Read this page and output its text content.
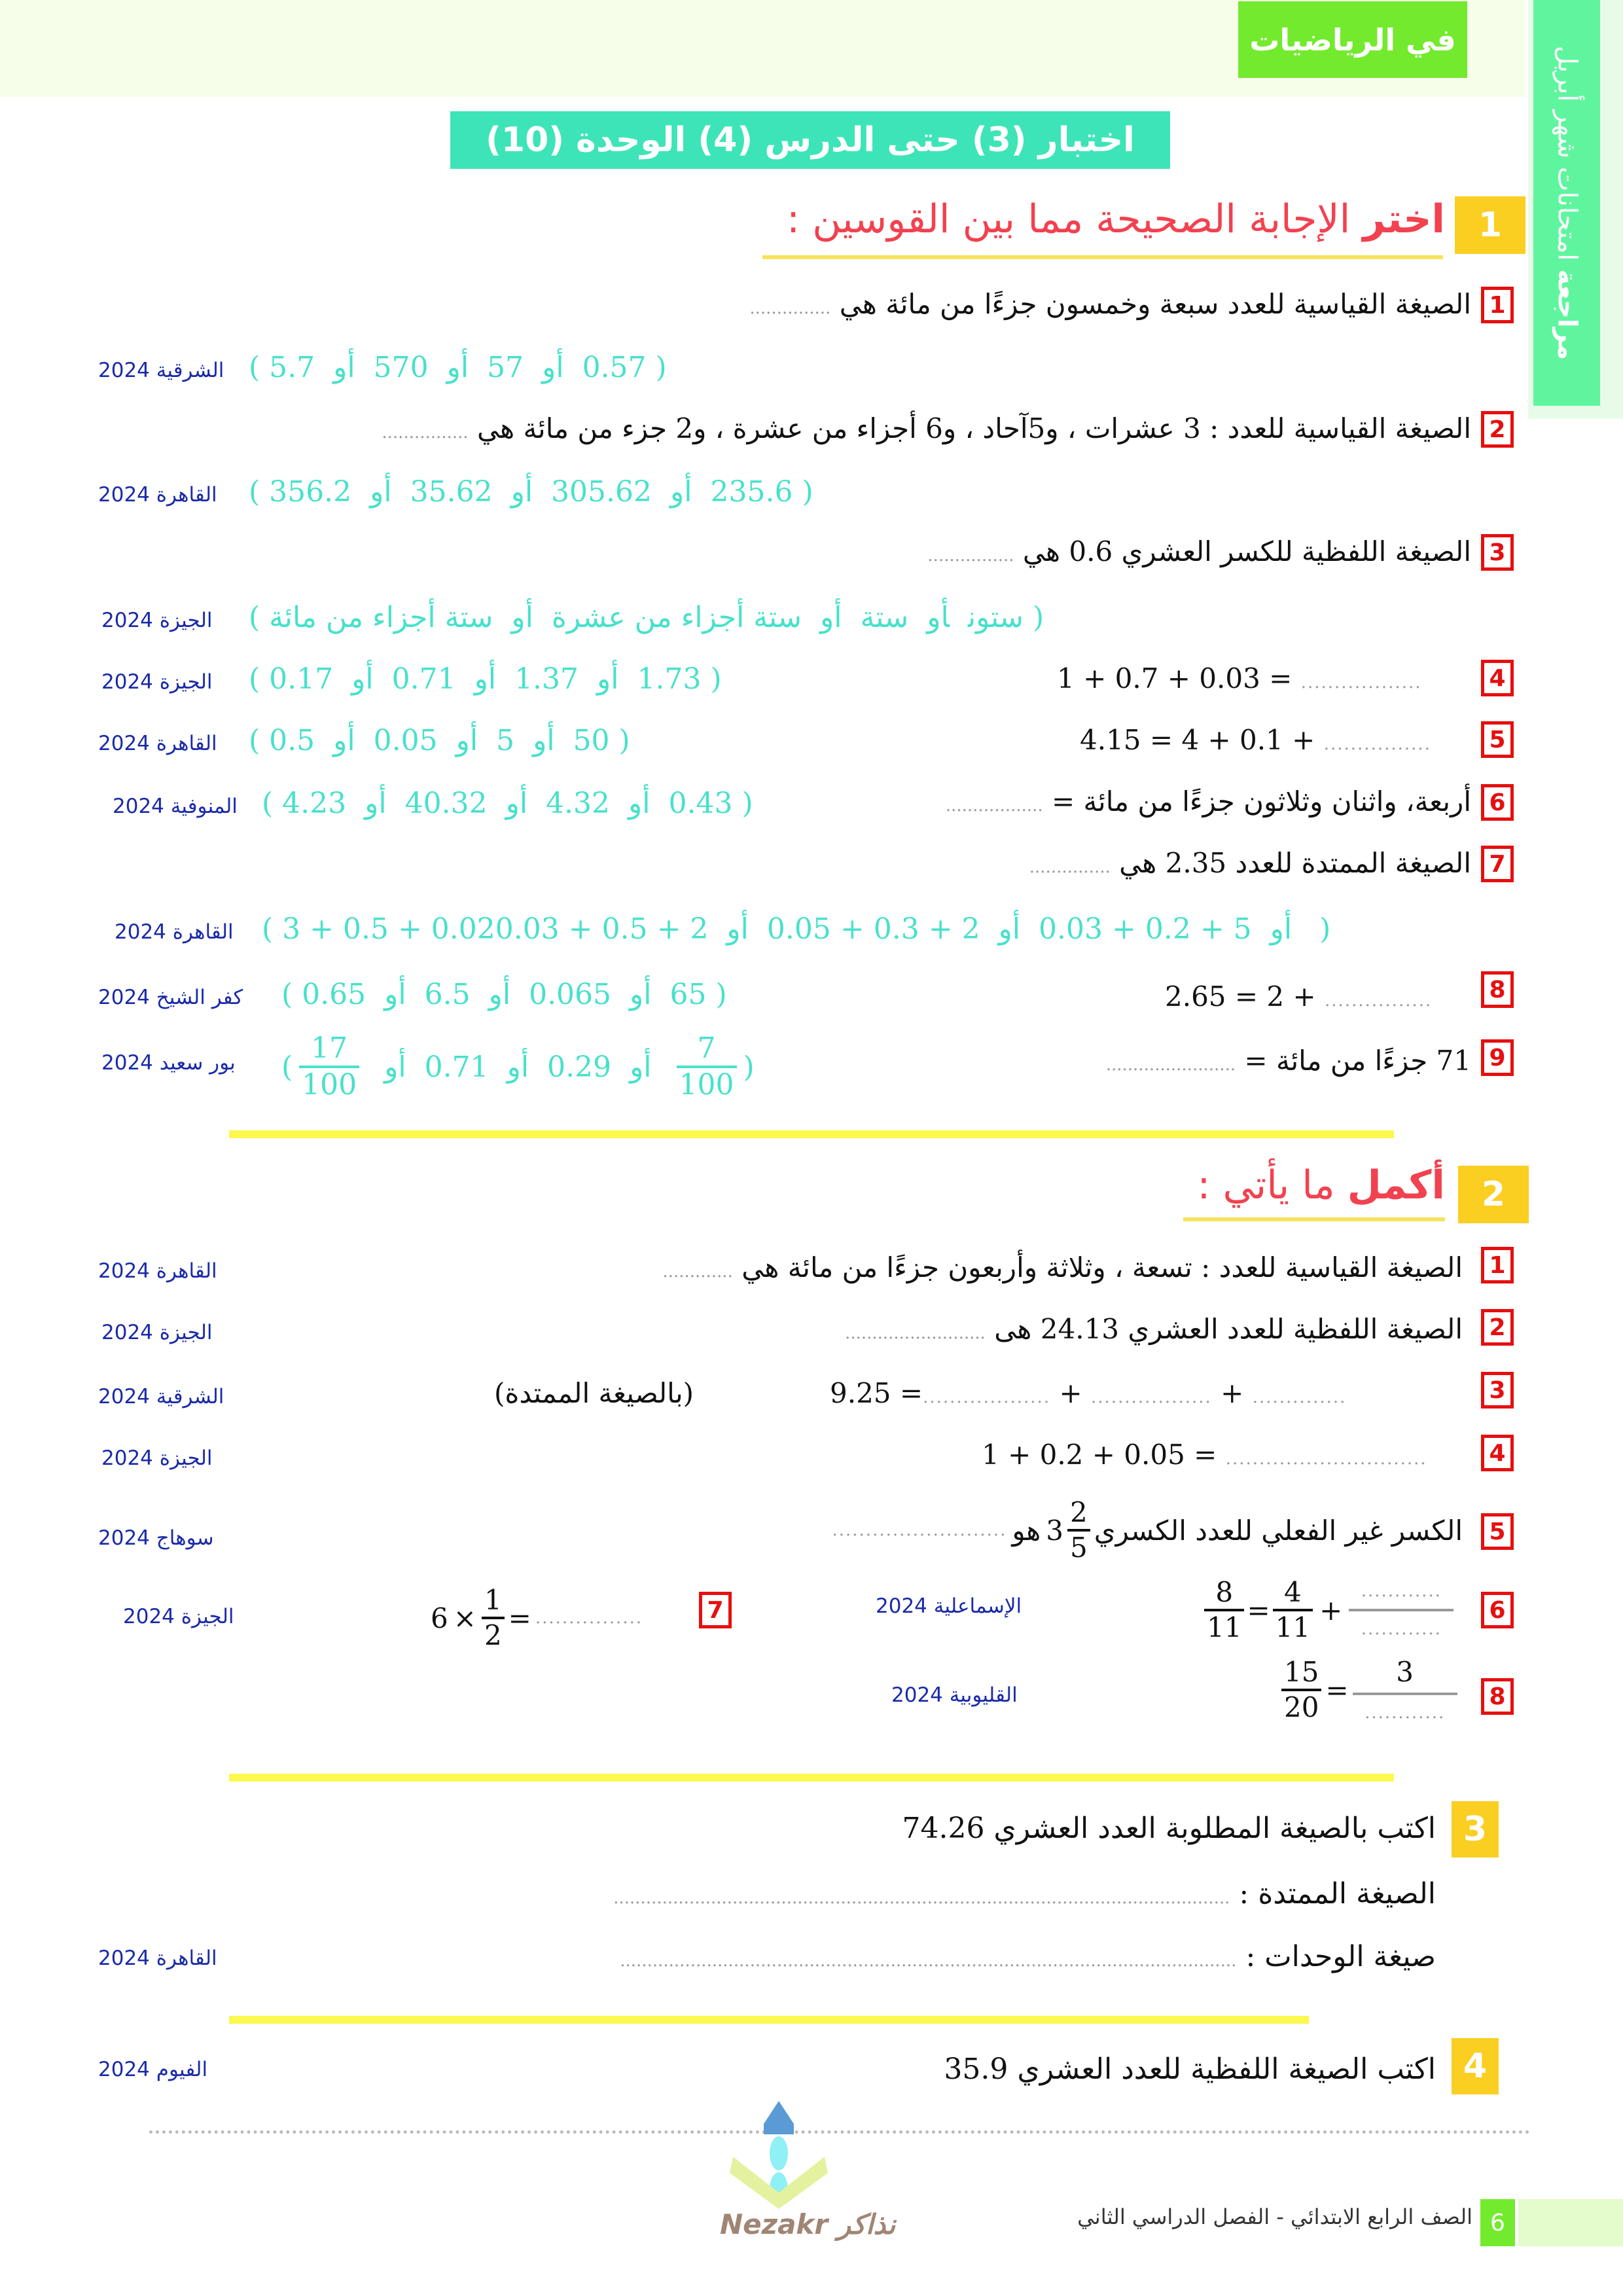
في الرياضيات
مراجعة امتحانات شهر أبريل
اختبار (3) حتى الدرس (4) الوحدة (10)
1
اختر الإجابة الصحيحة مما بين القوسين :
1
الصيغة القياسية للعدد سبعة وخمسون جزءًا من مائة هي ...............
( 0.57أو57أو570أو5.7 )
الشرقية 2024
2
الصيغة القياسية للعدد : 3 عشرات ، و5آحاد ، و6 أجزاء من عشرة ، و2 جزء من مائة هي ................
( 235.6أو305.62أو35.62أو356.2 )
القاهرة 2024
3
الصيغة اللفظية للكسر العشري 0.6 هي ................
( ستونأوستةأوستة أجزاء من عشرةأوستة أجزاء من مائة )
الجيزة 2024
4
1 + 0.7 + 0.03 = ..................
( 1.73أو1.37أو0.71أو0.17 )
الجيزة 2024
5
4.15 = 4 + 0.1 + ................
( 50أو5أو0.05أو0.5 )
القاهرة 2024
6
أربعة، واثنان وثلاثون جزءًا من مائة = ..................
( 0.43أو4.32أو40.32أو4.23 )
المنوفية 2024
7
الصيغة الممتدة للعدد 2.35 هي ...............
( 3 + 0.5 + 0.02	أو5 + 0.2 + 0.03أو2 + 0.3 + 0.05أو2 + 0.5 + 0.03	)
القاهرة 2024
8
2.65 = 2 + ................
( 65أو0.065أو6.5أو0.65 )
كفر الشيخ 2024
9
71 جزءًا من مائة = ........................
(
$\frac{7}{100}$
أو
0.29
أو
0.71
أو
$\frac{17}{100}$
)
بور سعيد 2024
2
أكمل ما يأتي :
1
الصيغة القياسية للعدد : تسعة ، وثلاثة وأربعون جزءًا من مائة هي .............
القاهرة 2024
2
الصيغة اللفظية للعدد العشري 24.13 هى ..........................
الجيزة 2024
3
9.25 =................... + .................. + ..............
(بالصيغة الممتدة)
الشرقية 2024
4
1 + 0.2 + 0.05 = ..............................
الجيزة 2024
5
الكسر غير الفعلي للعدد الكسري
$\frac{2}{5}$
3
هو
..........................
سوهاج 2024
6
$\frac{8}{11} = \frac{4}{11} + \frac{............}{............}$
الإسماعلية 2024
7
$6 \times \frac{1}{2}$ = ................
الجيزة 2024
8
$\frac{15}{20} = \frac{3}{............}$
القليوبية 2024
3
اكتب بالصيغة المطلوبة العدد العشري 74.26
الصيغة الممتدة : ..................................................................................................................
صيغة الوحدات : ..................................................................................................................
القاهرة 2024
4
اكتب الصيغة اللفظية للعدد العشري 35.9
الفيوم 2024
Nezakr نذاكر	الصف الرابع الابتدائي - الفصل الدراسي الثاني 6
